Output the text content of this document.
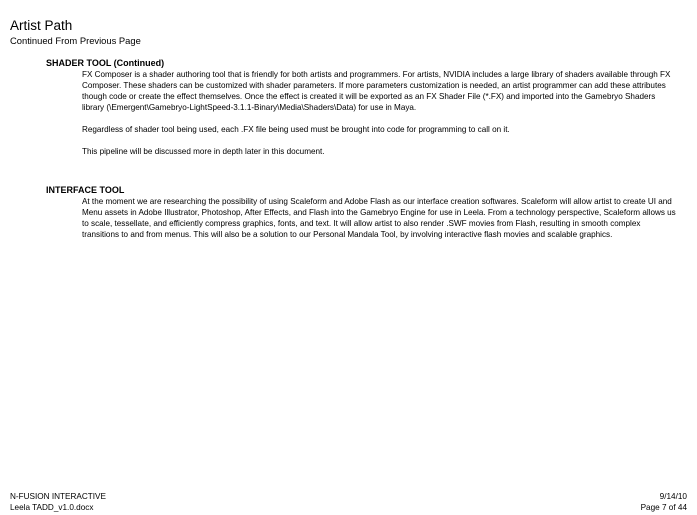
Artist Path
Continued From Previous Page
SHADER TOOL (Continued)

FX Composer is a shader authoring tool that is friendly for both artists and programmers. For artists, NVIDIA includes a large library of shaders available through FX Composer. These shaders can be customized with shader parameters. If more parameters customization is needed, an artist programmer can add these attributes though code or create the effect themselves. Once the effect is created it will be exported as an FX Shader File (*.FX) and imported into the Gamebryo Shaders library (\Emergent\Gamebryo-LightSpeed-3.1.1-Binary\Media\Shaders\Data) for use in Maya.

Regardless of shader tool being used, each .FX file being used must be brought into code for programming to call on it.

This pipeline will be discussed more in depth later in this document.

INTERFACE TOOL

At the moment we are researching the possibility of using Scaleform and Adobe Flash as our interface creation softwares. Scaleform will allow artist to create UI and Menu assets in Adobe Illustrator, Photoshop, After Effects, and Flash into the Gamebryo Engine for use in Leela. From a technology perspective, Scaleform allows us to scale, tessellate, and efficiently compress graphics, fonts, and text. It will allow artist to also render .SWF movies from Flash, resulting in smooth complex transitions to and from menus. This will also be a solution to our Personal Mandala Tool, by involving interactive flash movies and scalable graphics.

N-FUSION INTERACTIVE
Leela TADD_v1.0.docx
9/14/10
Page 7 of 44
